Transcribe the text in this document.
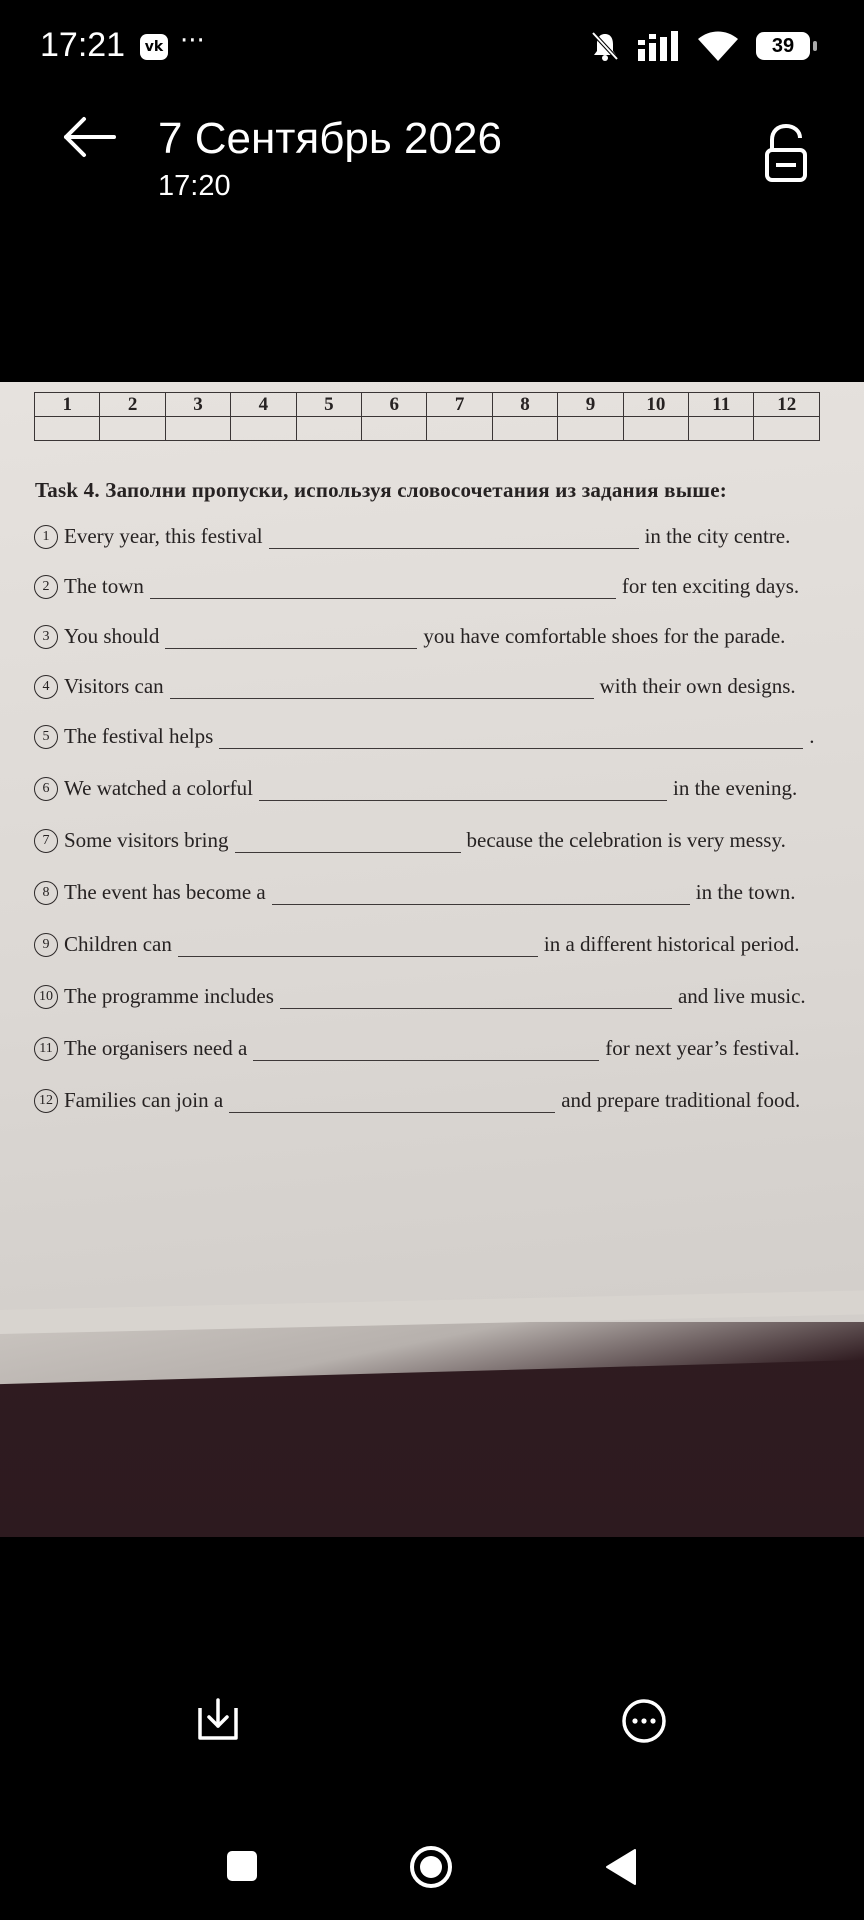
17:21	vk ···	39
7 Сентябрь 2026
17:20
1	2	3	4	5	6	7	8	9	10	11	12

Task 4. Заполни пропуски, используя словосочетания из задания выше:
1 Every year, this festival	in the city centre.
2 The town	for ten exciting days.
3 You should	you have comfortable shoes for the parade.
4 Visitors can	with their own designs.
5 The festival helps	.
6 We watched a colorful	in the evening.
7 Some visitors bring	because the celebration is very messy.
8 The event has become a	in the town.
9 Children can	in a different historical period.
10 The programme includes	and live music.
11 The organisers need a	for next year’s festival.
12 Families can join a	and prepare traditional food.
